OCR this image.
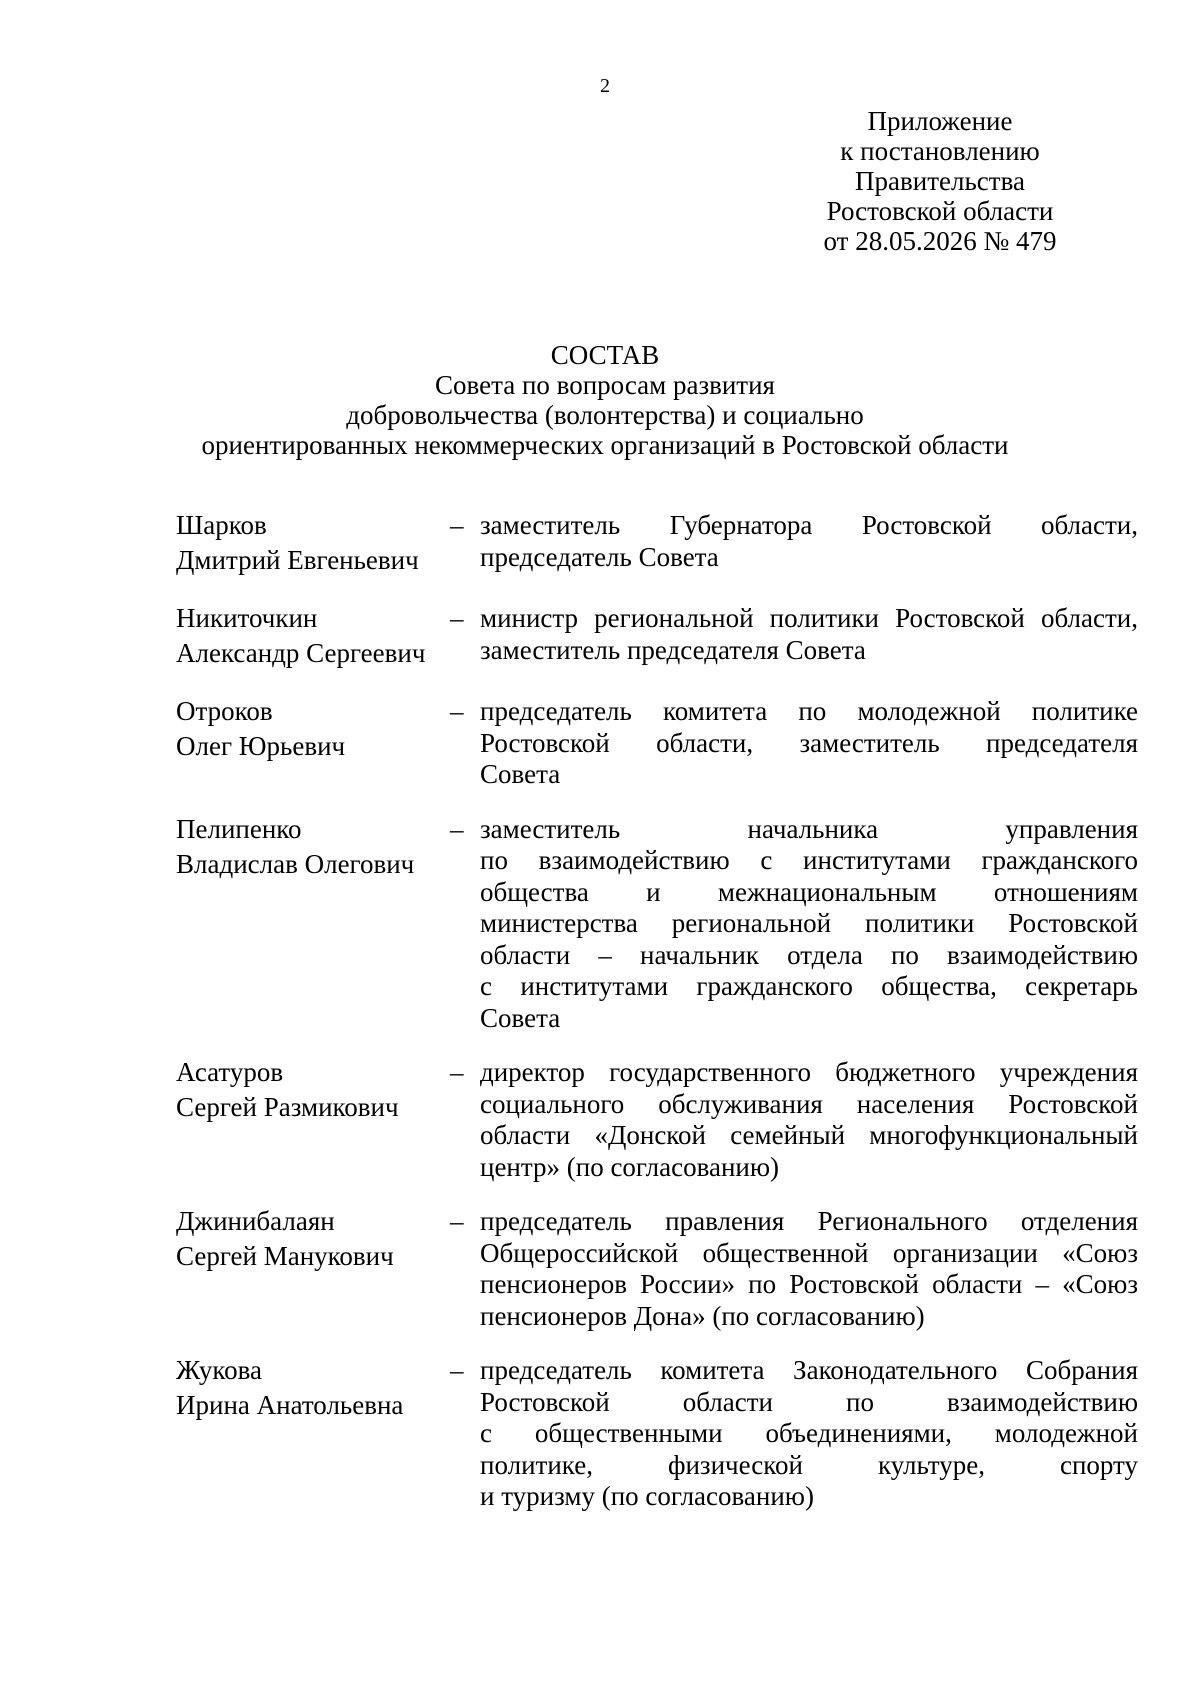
2
Приложение
к постановлению
Правительства
Ростовской области
от 28.05.2026 № 479
СОСТАВ
Совета по вопросам развития
добровольчества (волонтерства) и социально
ориентированных некоммерческих организаций в Ростовской области
Шарков
Дмитрий Евгеньевич
– заместитель Губернатора Ростовской области,
председатель Совета
Никиточкин
Александр Сергеевич
– министр региональной политики Ростовской области,
заместитель председателя Совета
Отроков
Олег Юрьевич
– председатель комитета по молодежной политике
Ростовской области, заместитель председателя
Совета
Пелипенко
Владислав Олегович
– заместитель начальника управления
по взаимодействию с институтами гражданского
общества и межнациональным отношениям
министерства региональной политики Ростовской
области – начальник отдела по взаимодействию
с институтами гражданского общества, секретарь
Совета
Асатуров
Сергей Размикович
– директор государственного бюджетного учреждения
социального обслуживания населения Ростовской
области «Донской семейный многофункциональный
центр» (по согласованию)
Джинибалаян
Сергей Манукович
– председатель правления Регионального отделения
Общероссийской общественной организации «Союз
пенсионеров России» по Ростовской области – «Союз
пенсионеров Дона» (по согласованию)
Жукова
Ирина Анатольевна
– председатель комитета Законодательного Собрания
Ростовской области по взаимодействию
с общественными объединениями, молодежной
политике, физической культуре, спорту
и туризму (по согласованию)
